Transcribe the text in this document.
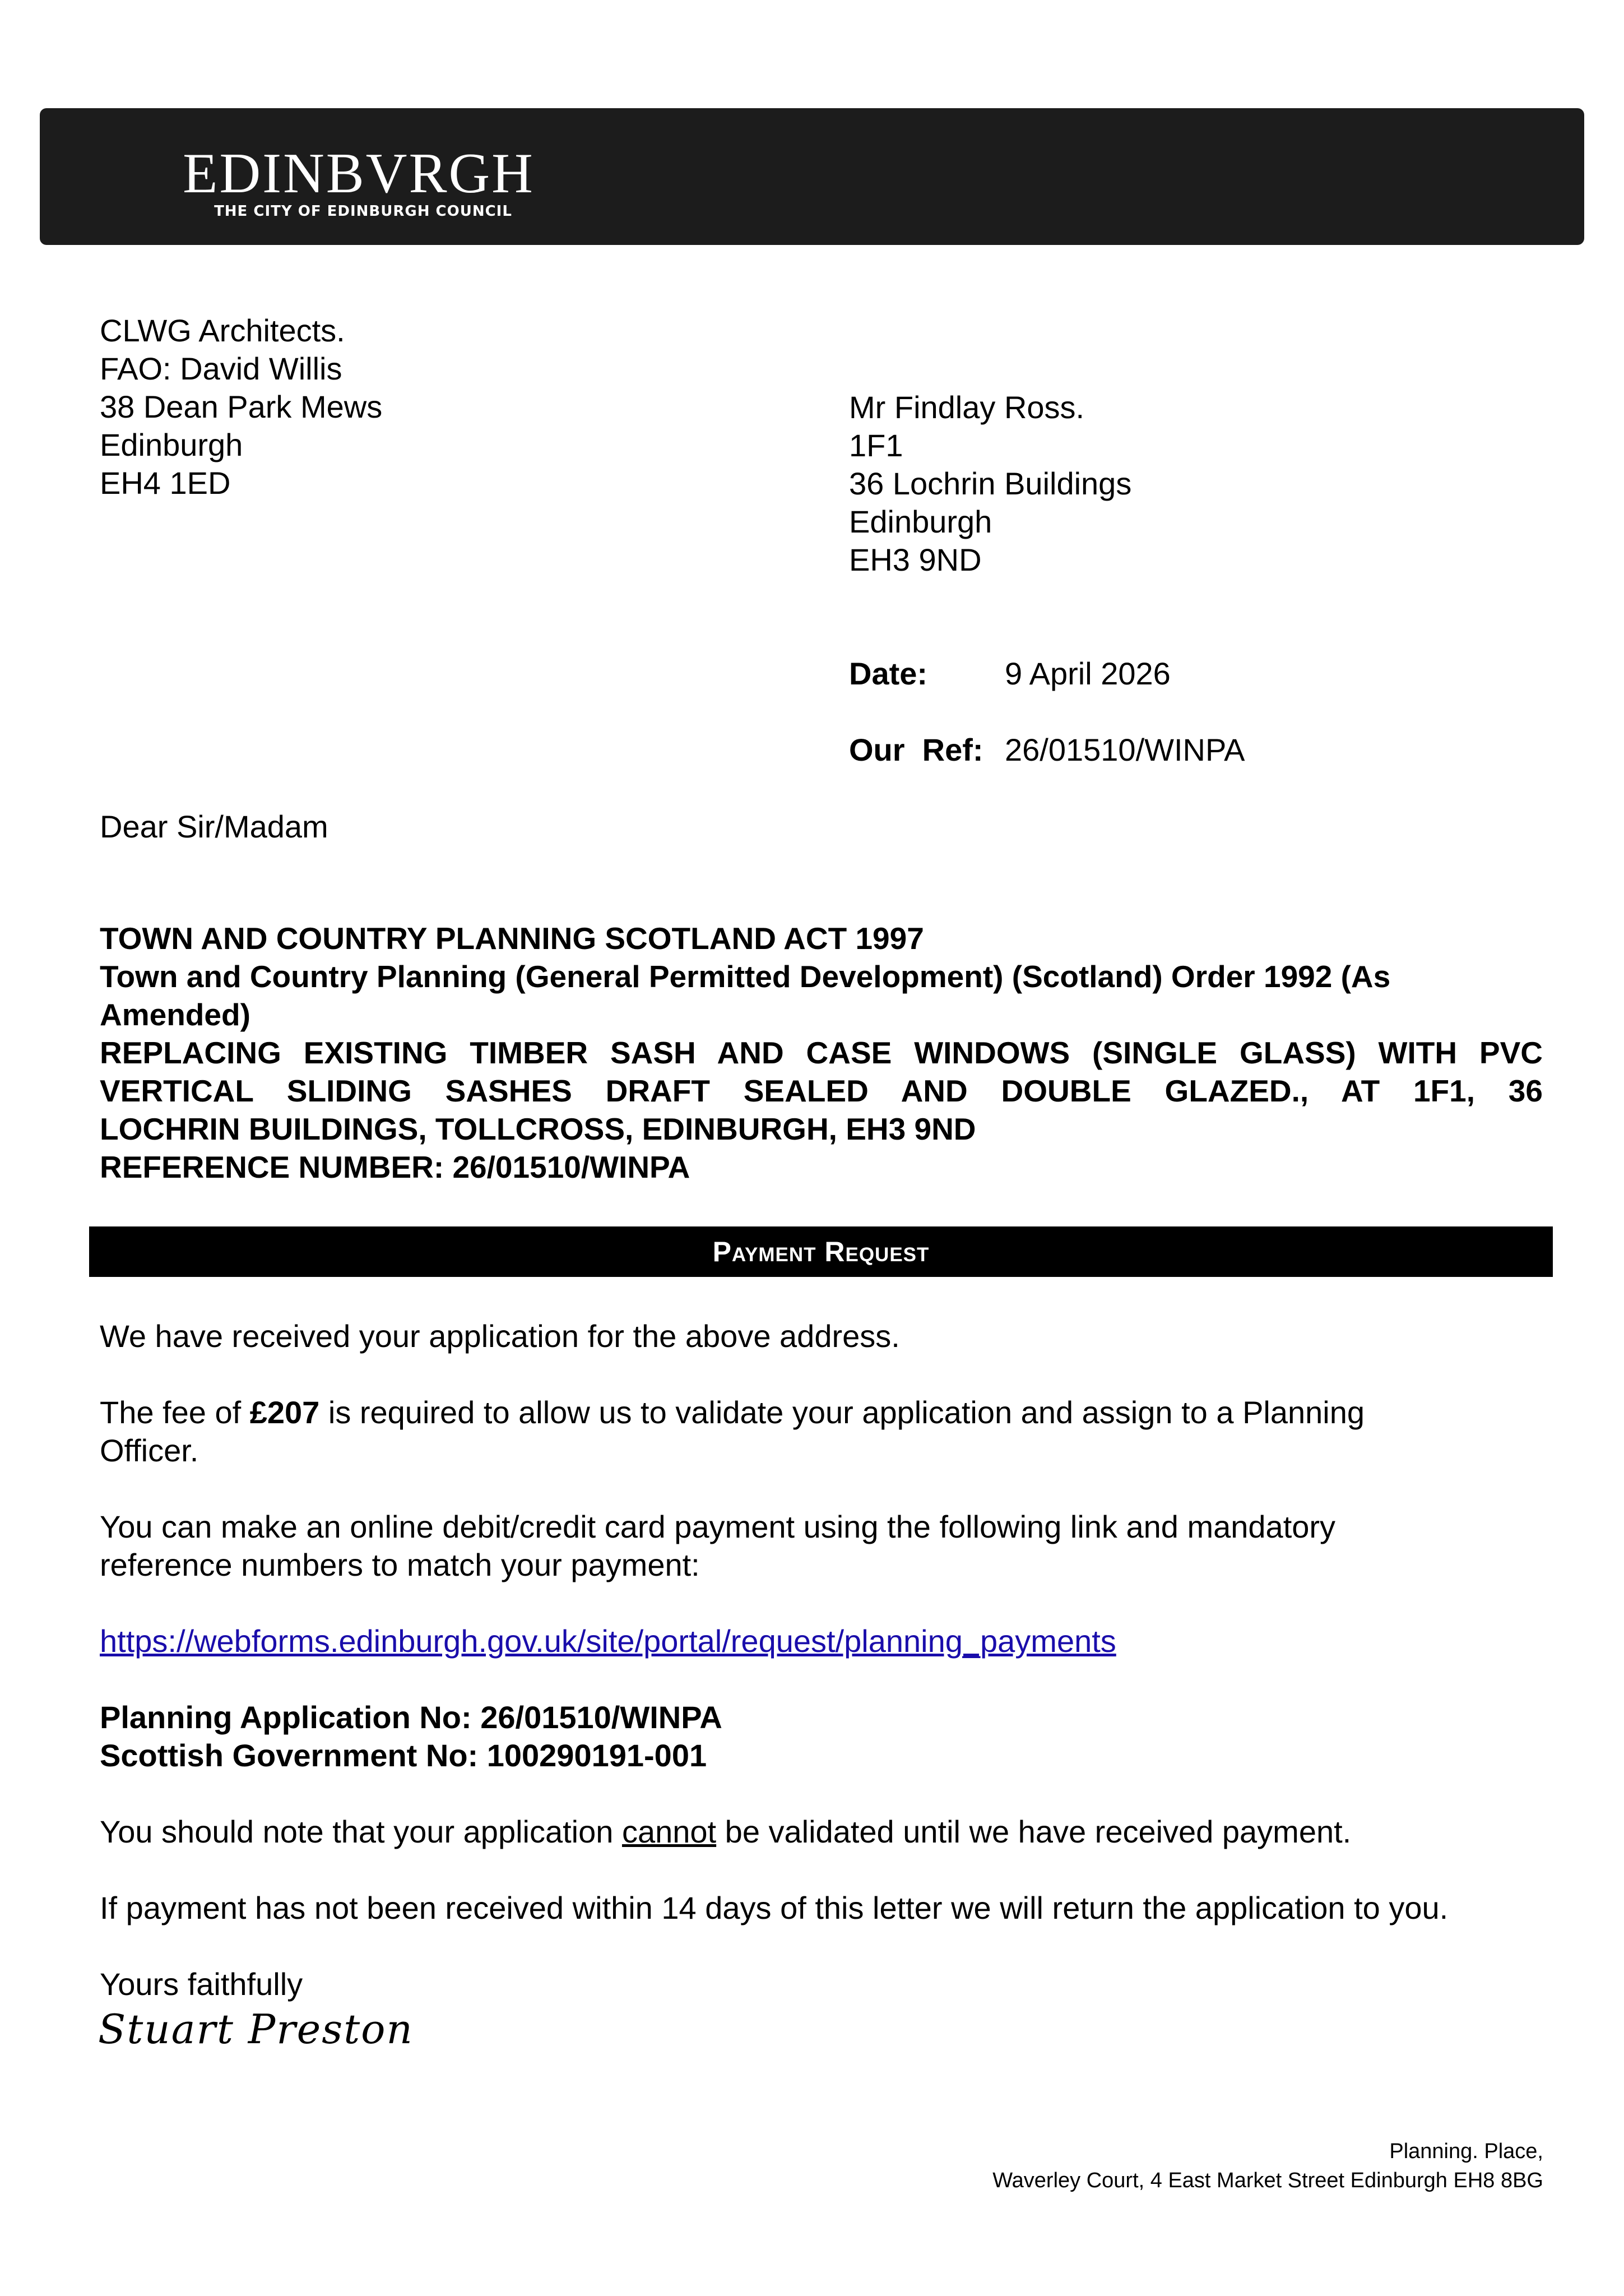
EDINBVRGH
THE CITY OF EDINBURGH COUNCIL
CLWG Architects.
FAO: David Willis
38 Dean Park Mews
Edinburgh
EH4 1ED
Mr Findlay Ross.
1F1
36 Lochrin Buildings
Edinburgh
EH3 9ND
Date: 9 April 2026
Our  Ref: 26/01510/WINPA
Dear Sir/Madam
TOWN AND COUNTRY PLANNING SCOTLAND ACT 1997
Town and Country Planning (General Permitted Development) (Scotland) Order 1992 (As
Amended)
REPLACING EXISTING TIMBER SASH AND CASE WINDOWS (SINGLE GLASS) WITH PVC
VERTICAL SLIDING SASHES DRAFT SEALED AND DOUBLE GLAZED., AT 1F1, 36
LOCHRIN BUILDINGS, TOLLCROSS, EDINBURGH, EH3 9ND
REFERENCE NUMBER: 26/01510/WINPA
Payment Request
We have received your application for the above address.
The fee of £207 is required to allow us to validate your application and assign to a Planning
Officer.
You can make an online debit/credit card payment using the following link and mandatory
reference numbers to match your payment:
https://webforms.edinburgh.gov.uk/site/portal/request/planning_payments
Planning Application No: 26/01510/WINPA
Scottish Government No: 100290191-001
You should note that your application cannot be validated until we have received payment.
If payment has not been received within 14 days of this letter we will return the application to you.
Yours faithfully
Stuart Preston
Planning. Place,
Waverley Court, 4 East Market Street Edinburgh EH8 8BG
